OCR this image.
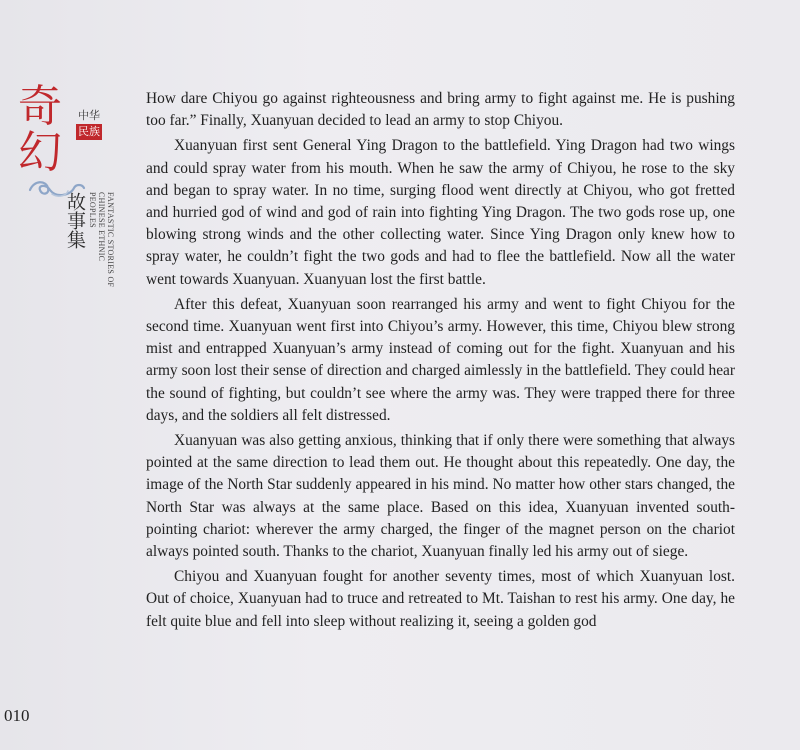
奇幻
中华
民族
故事集	FANTASTIC STORIES OF
CHINESE ETHNIC
PEOPLES

How dare Chiyou go against righteousness and bring army to fight against me. He is pushing too far.” Finally, Xuanyuan decided to lead an army to stop Chiyou.

Xuanyuan first sent General Ying Dragon to the battlefield. Ying Dragon had two wings and could spray water from his mouth. When he saw the army of Chiyou, he rose to the sky and began to spray water. In no time, surging flood went directly at Chiyou, who got fretted and hurried god of wind and god of rain into fighting Ying Dragon. The two gods rose up, one blowing strong winds and the other collecting water. Since Ying Dragon only knew how to spray water, he couldn’t fight the two gods and had to flee the battlefield. Now all the water went towards Xuanyuan. Xuanyuan lost the first battle.

After this defeat, Xuanyuan soon rearranged his army and went to fight Chiyou for the second time. Xuanyuan went first into Chiyou’s army. However, this time, Chiyou blew strong mist and entrapped Xuanyuan’s army instead of coming out for the fight. Xuanyuan and his army soon lost their sense of direction and charged aimlessly in the battlefield. They could hear the sound of fighting, but couldn’t see where the army was. They were trapped there for three days, and the soldiers all felt distressed.

Xuanyuan was also getting anxious, thinking that if only there were something that always pointed at the same direction to lead them out. He thought about this repeatedly. One day, the image of the North Star suddenly appeared in his mind. No matter how other stars changed, the North Star was always at the same place. Based on this idea, Xuanyuan invented south-pointing chariot: wherever the army charged, the finger of the magnet person on the chariot always pointed south. Thanks to the chariot, Xuanyuan finally led his army out of siege.

Chiyou and Xuanyuan fought for another seventy times, most of which Xuanyuan lost. Out of choice, Xuanyuan had to truce and retreated to Mt. Taishan to rest his army. One day, he felt quite blue and fell into sleep without realizing it, seeing a golden god

010
